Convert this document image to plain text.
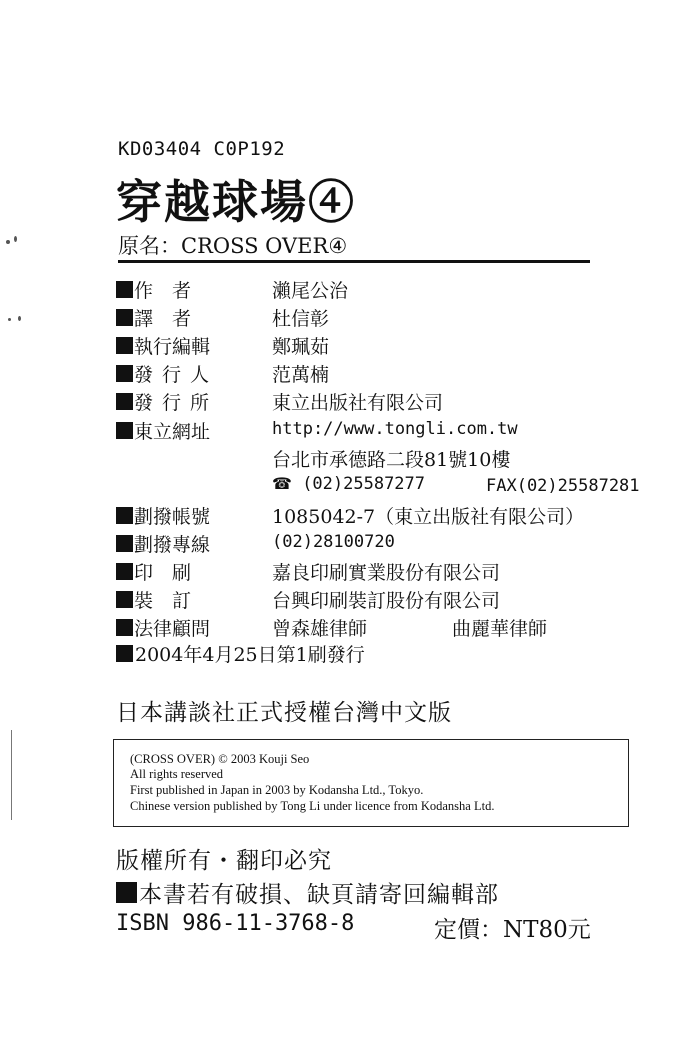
KD03404 C0P192
穿越球場④
原名：CROSS OVER④
作　者	瀨尾公治
譯　者	杜信彰
執行編輯	鄭珮茹
發行人	范萬楠
發行所	東立出版社有限公司
東立網址	http://www.tongli.com.tw
台北市承德路二段81號10樓
☎ (02)25587277	FAX(02)25587281
劃撥帳號	1085042-7（東立出版社有限公司）
劃撥專線	(02)28100720
印　刷	嘉良印刷實業股份有限公司
裝　訂	台興印刷裝訂股份有限公司
法律顧問	曾森雄律師	曲麗華律師
2004年4月25日第1刷發行
日本講談社正式授權台灣中文版
(CROSS OVER) © 2003 Kouji Seo
All rights reserved
First published in Japan in 2003 by Kodansha Ltd., Tokyo.
Chinese version published by Tong Li under licence from Kodansha Ltd.
版權所有・翻印必究
本書若有破損、缺頁請寄回編輯部
ISBN 986-11-3768-8	定價：NT80元
